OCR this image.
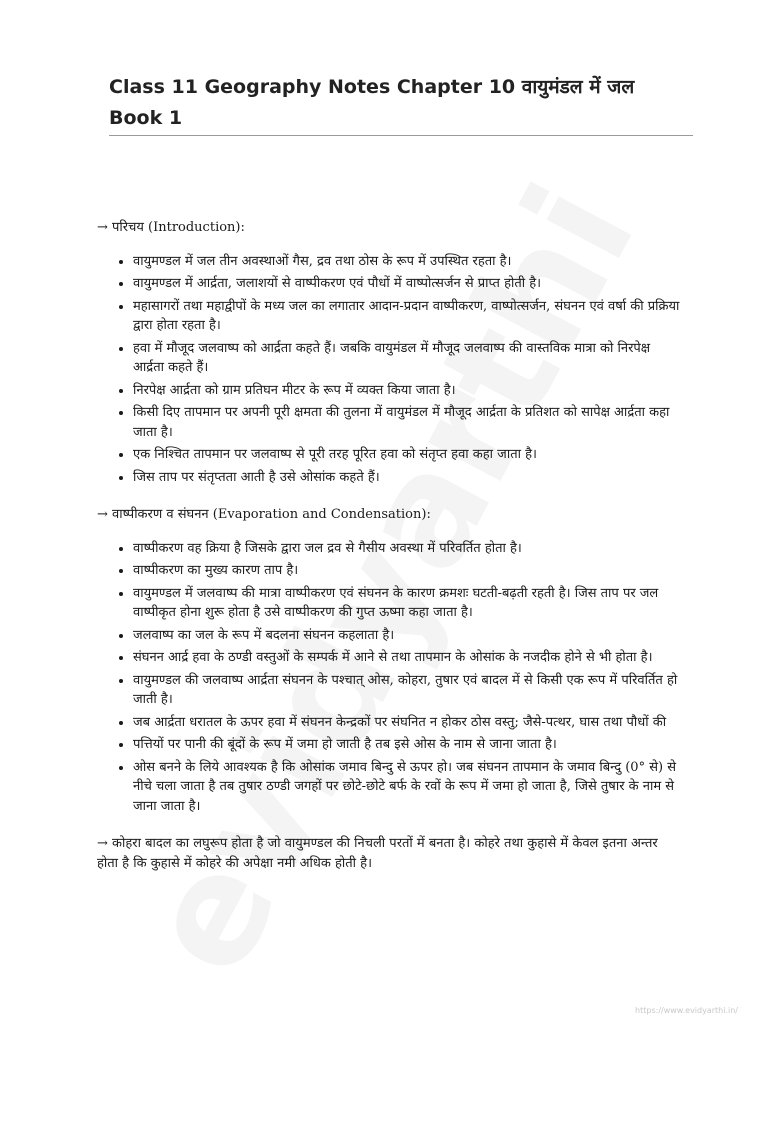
Class 11 Geography Notes Chapter 10 वायुमंडल में जल Book 1

→ परिचय (Introduction):

• वायुमण्डल में जल तीन अवस्थाओं गैस, द्रव तथा ठोस के रूप में उपस्थित रहता है।
• वायुमण्डल में आर्द्रता, जलाशयों से वाष्पीकरण एवं पौधों में वाष्पोत्सर्जन से प्राप्त होती है।
• महासागरों तथा महाद्वीपों के मध्य जल का लगातार आदान-प्रदान वाष्पीकरण, वाष्पोत्सर्जन, संघनन एवं वर्षा की प्रक्रिया द्वारा होता रहता है।
• हवा में मौजूद जलवाष्प को आर्द्रता कहते हैं। जबकि वायुमंडल में मौजूद जलवाष्प की वास्तविक मात्रा को निरपेक्ष आर्द्रता कहते हैं।
• निरपेक्ष आर्द्रता को ग्राम प्रतिघन मीटर के रूप में व्यक्त किया जाता है।
• किसी दिए तापमान पर अपनी पूरी क्षमता की तुलना में वायुमंडल में मौजूद आर्द्रता के प्रतिशत को सापेक्ष आर्द्रता कहा जाता है।
• एक निश्चित तापमान पर जलवाष्प से पूरी तरह पूरित हवा को संतृप्त हवा कहा जाता है।
• जिस ताप पर संतृप्तता आती है उसे ओसांक कहते हैं।

→ वाष्पीकरण व संघनन (Evaporation and Condensation):

• वाष्पीकरण वह क्रिया है जिसके द्वारा जल द्रव से गैसीय अवस्था में परिवर्तित होता है।
• वाष्पीकरण का मुख्य कारण ताप है।
• वायुमण्डल में जलवाष्प की मात्रा वाष्पीकरण एवं संघनन के कारण क्रमशः घटती-बढ़ती रहती है। जिस ताप पर जल वाष्पीकृत होना शुरू होता है उसे वाष्पीकरण की गुप्त ऊष्मा कहा जाता है।
• जलवाष्प का जल के रूप में बदलना संघनन कहलाता है।
• संघनन आर्द्र हवा के ठण्डी वस्तुओं के सम्पर्क में आने से तथा तापमान के ओसांक के नजदीक होने से भी होता है।
• वायुमण्डल की जलवाष्प आर्द्रता संघनन के पश्चात् ओस, कोहरा, तुषार एवं बादल में से किसी एक रूप में परिवर्तित हो जाती है।
• जब आर्द्रता धरातल के ऊपर हवा में संघनन केन्द्रकों पर संघनित न होकर ठोस वस्तु; जैसे-पत्थर, घास तथा पौधों की
• पत्तियों पर पानी की बूंदों के रूप में जमा हो जाती है तब इसे ओस के नाम से जाना जाता है।
• ओस बनने के लिये आवश्यक है कि ओसांक जमाव बिन्दु से ऊपर हो। जब संघनन तापमान के जमाव बिन्दु (0° से) से नीचे चला जाता है तब तुषार ठण्डी जगहों पर छोटे-छोटे बर्फ के रवों के रूप में जमा हो जाता है, जिसे तुषार के नाम से जाना जाता है।

→ कोहरा बादल का लघुरूप होता है जो वायुमण्डल की निचली परतों में बनता है। कोहरे तथा कुहासे में केवल इतना अन्तर होता है कि कुहासे में कोहरे की अपेक्षा नमी अधिक होती है।

https://www.evidyarthi.in/
